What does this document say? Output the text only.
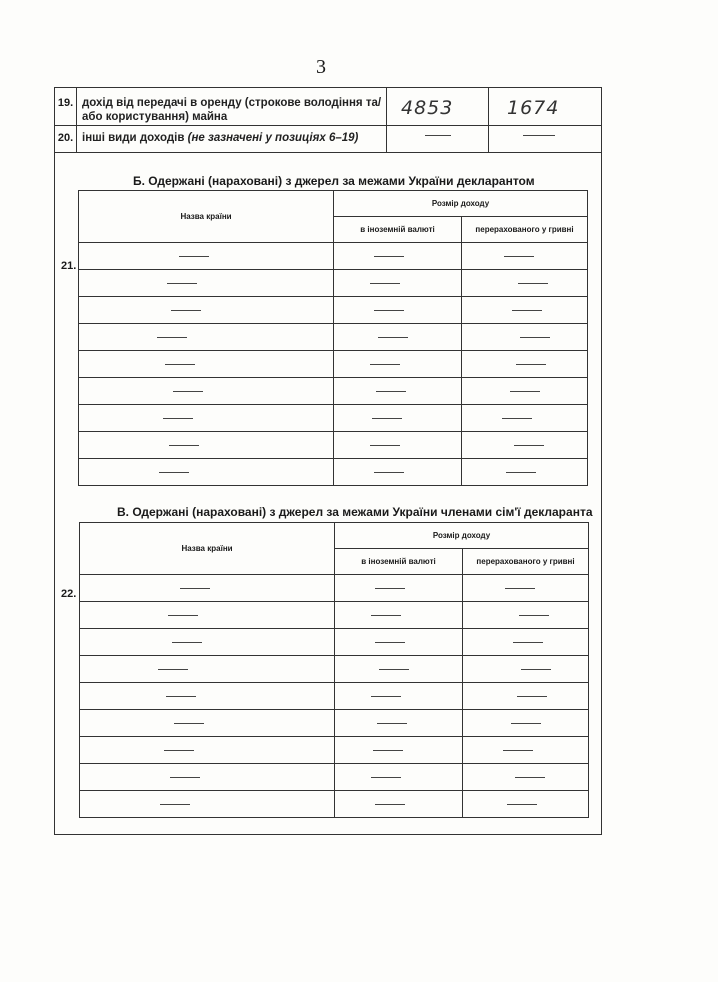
3
19. дохід від передачі в оренду (строкове володіння та/або користування) майна	4853	1674
20. інші види доходів (не зазначені у позиціях 6–19)
Б. Одержані (нараховані) з джерел за межами України декларантом
21.
Назва країни	Розмір доходу	
	в іноземній валюті	перерахованого у гривні

В. Одержані (нараховані) з джерел за межами України членами сім'ї декларанта
22.
Назва країни	Розмір доходу	
	в іноземній валюті	перерахованого у гривні
